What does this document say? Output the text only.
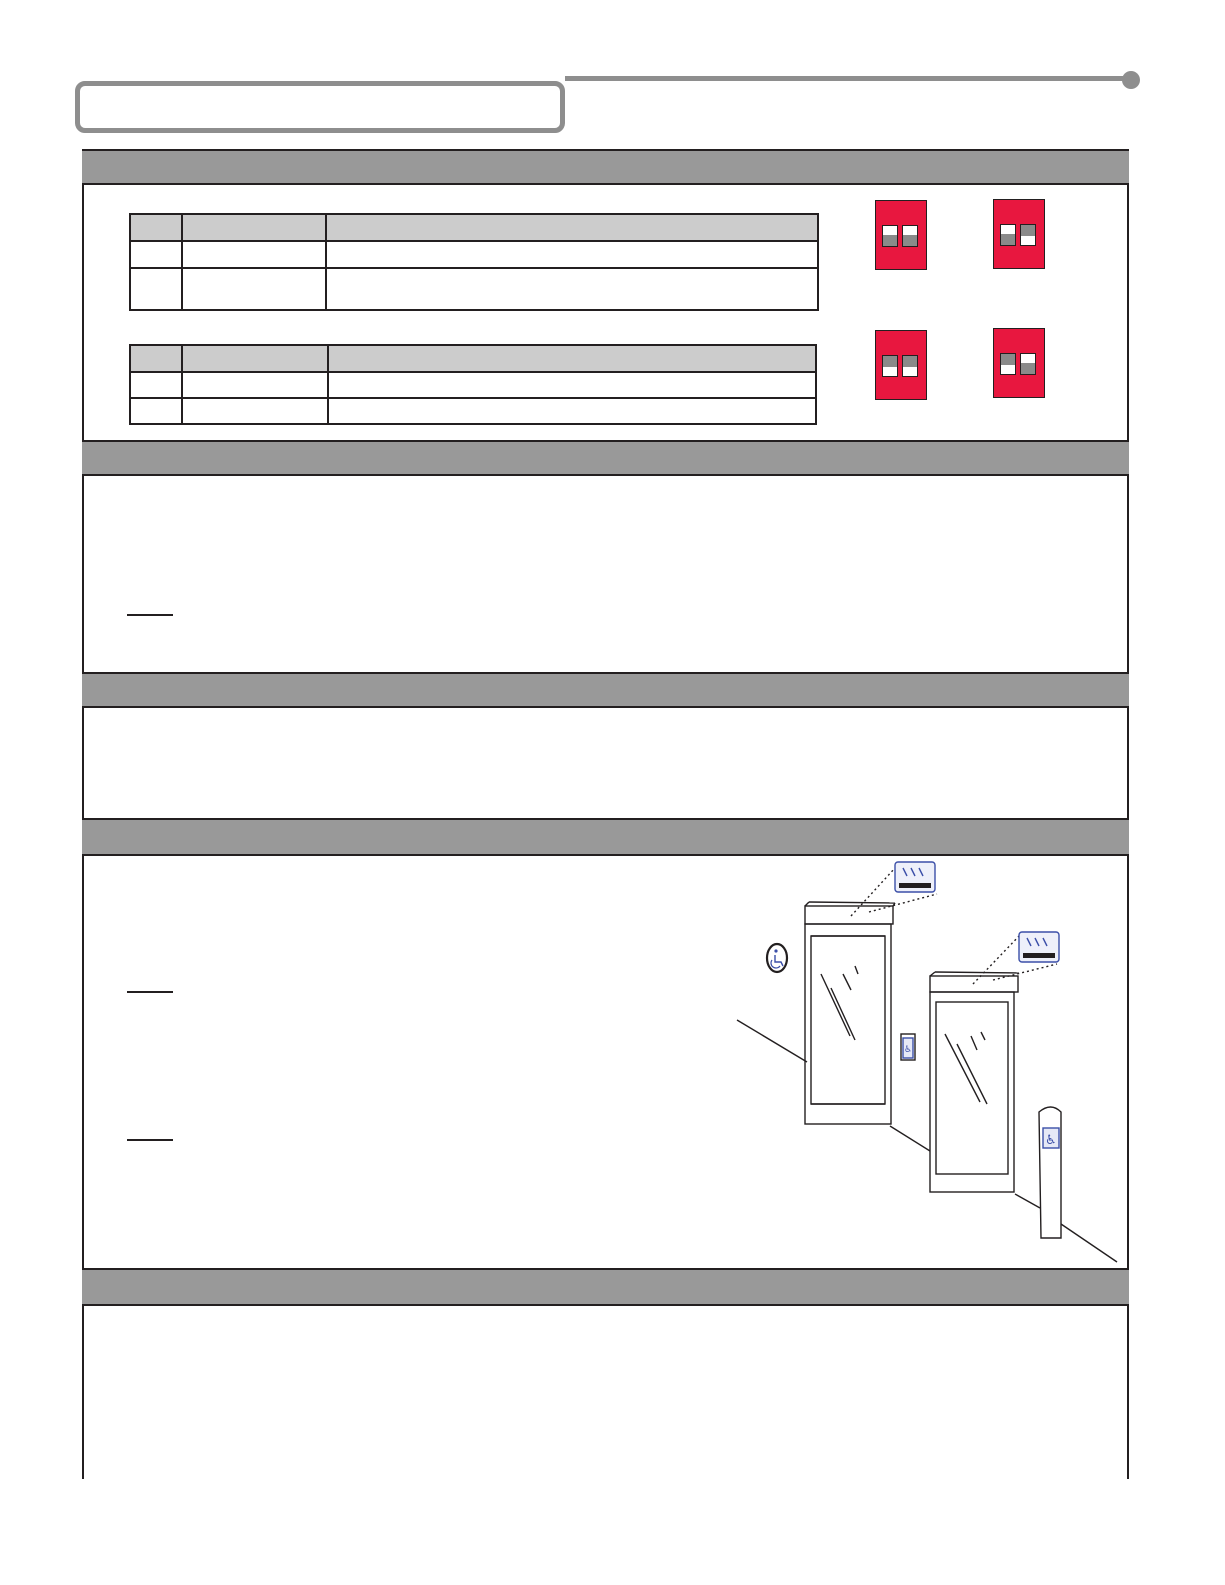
♿
♿
